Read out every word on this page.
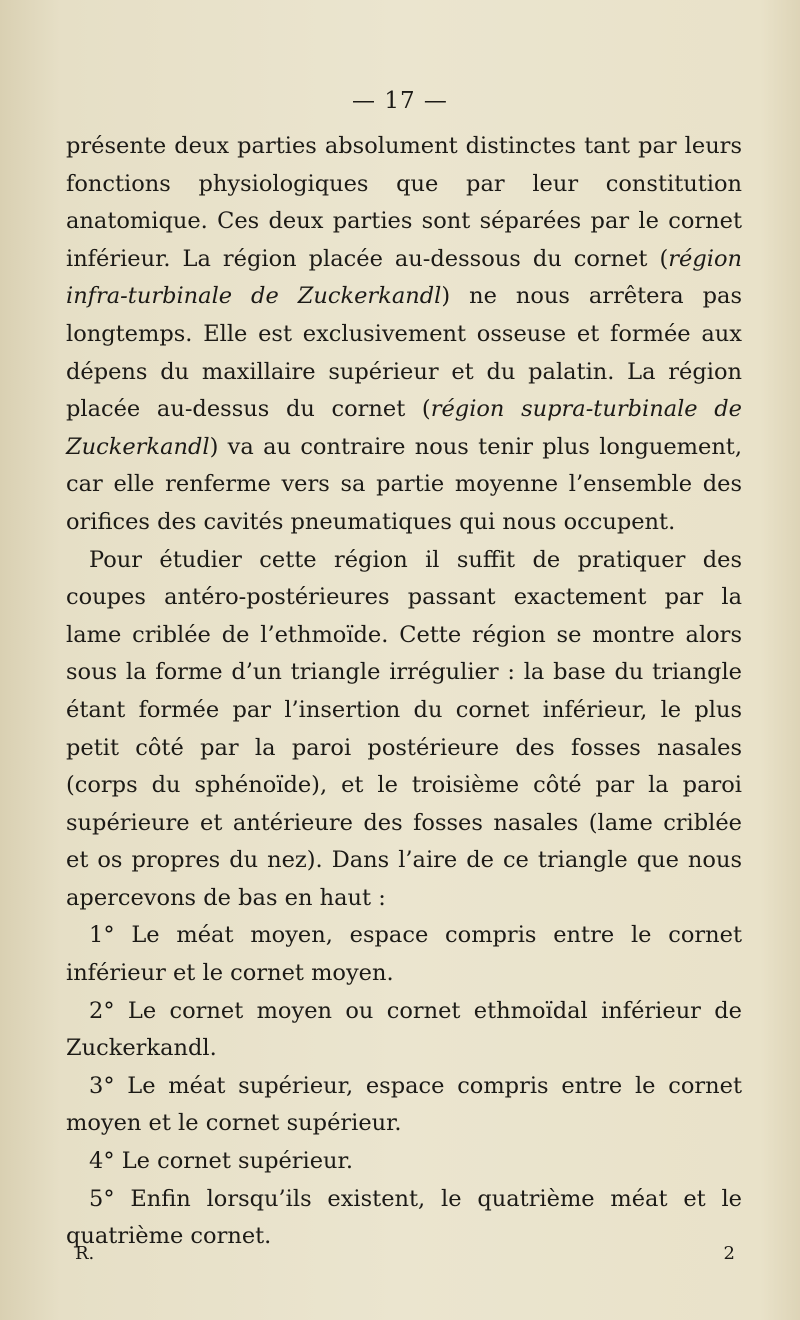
— 17 —

présente deux parties absolument distinctes tant par leurs fonctions physiologiques que par leur constitution anatomique. Ces deux parties sont séparées par le cornet inférieur. La région placée au-dessous du cornet (région infra-turbinale de Zuckerkandl) ne nous arrêtera pas longtemps. Elle est exclusivement osseuse et formée aux dépens du maxillaire supérieur et du palatin. La région placée au-dessus du cornet (région supra-turbinale de Zuckerkandl) va au contraire nous tenir plus longuement, car elle renferme vers sa partie moyenne l’ensemble des orifices des cavités pneumatiques qui nous occupent.

Pour étudier cette région il suffit de pratiquer des coupes antéro-postérieures passant exactement par la lame criblée de l’ethmoïde. Cette région se montre alors sous la forme d’un triangle irrégulier : la base du triangle étant formée par l’insertion du cornet inférieur, le plus petit côté par la paroi postérieure des fosses nasales (corps du sphénoïde), et le troisième côté par la paroi supérieure et antérieure des fosses nasales (lame criblée et os propres du nez). Dans l’aire de ce triangle que nous apercevons de bas en haut :

1° Le méat moyen, espace compris entre le cornet inférieur et le cornet moyen.

2° Le cornet moyen ou cornet ethmoïdal inférieur de Zuckerkandl.

3° Le méat supérieur, espace compris entre le cornet moyen et le cornet supérieur.

4° Le cornet supérieur.

5° Enfin lorsqu’ils existent, le quatrième méat et le quatrième cornet.

R.	2
